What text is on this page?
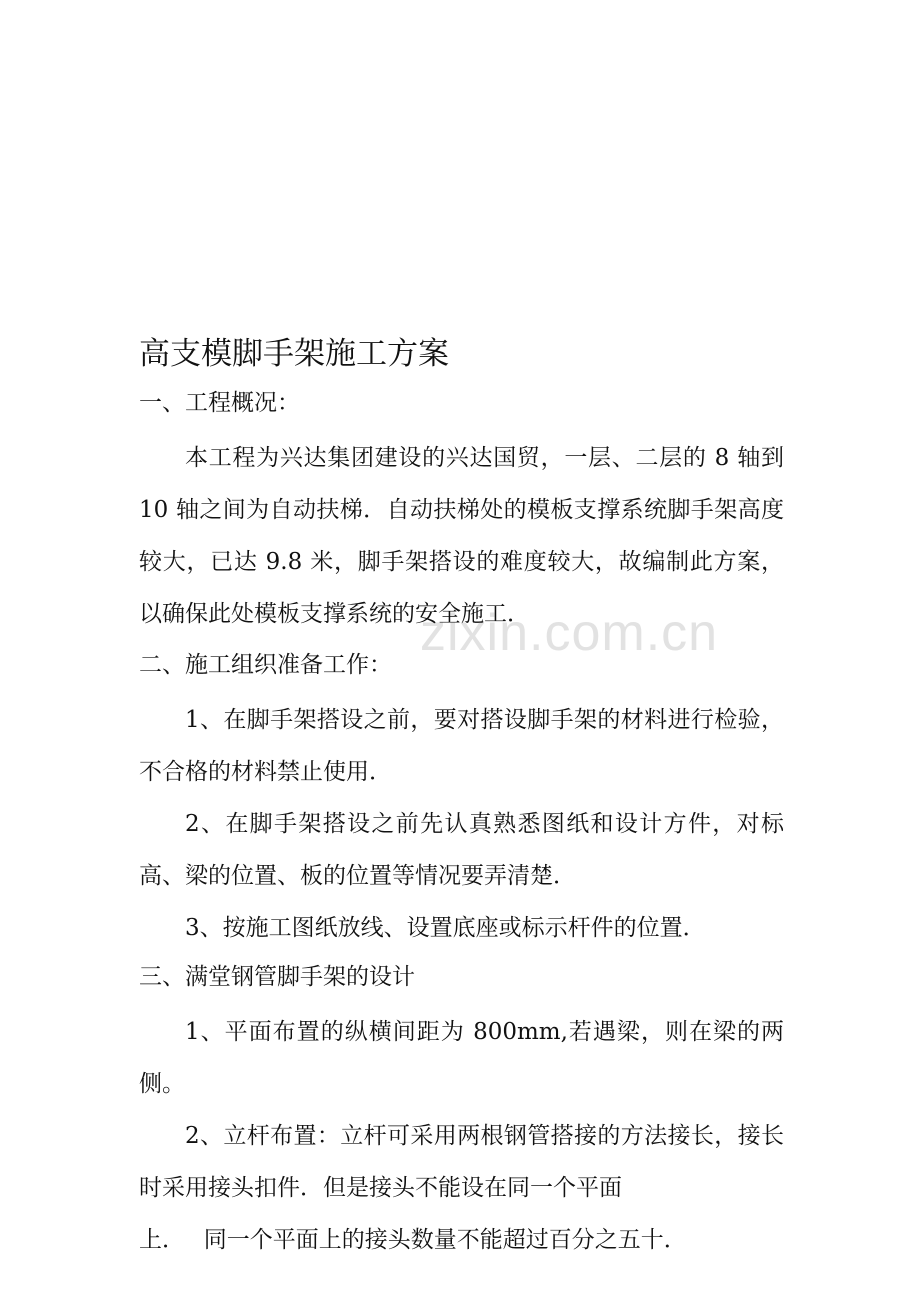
zixin.com.cn
高支模脚手架施工方案
一、工程概况：

本工程为兴达集团建设的兴达国贸，一层、二层的 8 轴到 10 轴之间为自动扶梯．自动扶梯处的模板支撑系统脚手架高度较大，已达 9.8 米，脚手架搭设的难度较大，故编制此方案，以确保此处模板支撑系统的安全施工．

二、施工组织准备工作：

1、在脚手架搭设之前，要对搭设脚手架的材料进行检验，不合格的材料禁止使用．

2、在脚手架搭设之前先认真熟悉图纸和设计方件，对标高、梁的位置、板的位置等情况要弄清楚．

3、按施工图纸放线、设置底座或标示杆件的位置．

三、满堂钢管脚手架的设计

1、平面布置的纵横间距为 800mm,若遇梁，则在梁的两侧。

2、立杆布置：立杆可采用两根钢管搭接的方法接长，接长时采用接头扣件．但是接头不能设在同一个平面

上．　 同一个平面上的接头数量不能超过百分之五十．
